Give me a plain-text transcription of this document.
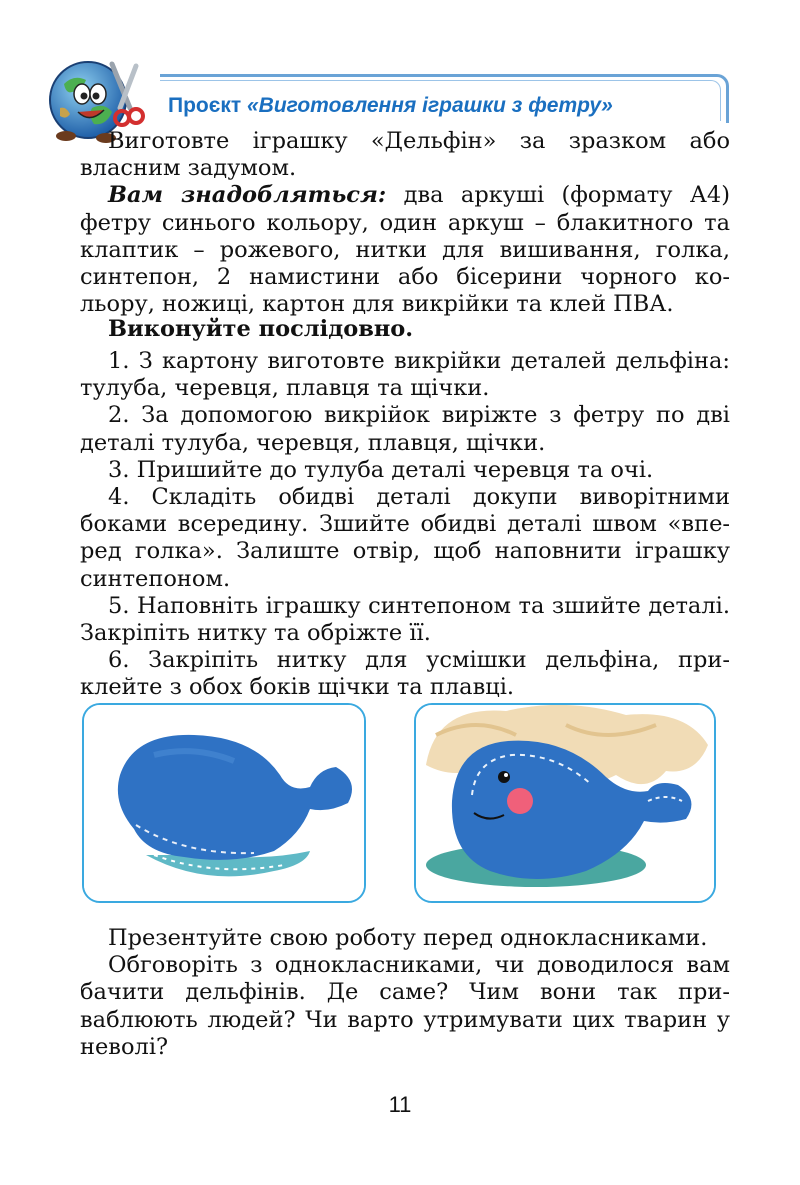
Проєкт «Виготовлення іграшки з фетру»

Виготовте іграшку «Дельфін» за зразком або власним задумом.

Вам знадобляться: два аркуші (формату А4) фетру синього кольору, один аркуш – блакитного та клаптик – рожевого, нитки для вишивання, голка, синтепон, 2 намистини або бісерини чорного кольору, ножиці, картон для викрійки та клей ПВА.

Виконуйте послідовно.

1. З картону виготовте викрійки деталей дельфіна: тулуба, черевця, плавця та щічки.

2. За допомогою викрійок виріжте з фетру по дві деталі тулуба, черевця, плавця, щічки.

3. Пришийте до тулуба деталі черевця та очі.

4. Складіть обидві деталі докупи виворітними боками всередину. Зшийте обидві деталі швом «вперед голка». Залиште отвір, щоб наповнити іграшку синтепоном.

5. Наповніть іграшку синтепоном та зшийте деталі. Закріпіть нитку та обріжте її.

6. Закріпіть нитку для усмішки дельфіна, приклейте з обох боків щічки та плавці.

Презентуйте свою роботу перед однокласниками.

Обговоріть з однокласниками, чи доводилося вам бачити дельфінів. Де саме? Чим вони так приваблюють людей? Чи варто утримувати цих тварин у неволі?

11
